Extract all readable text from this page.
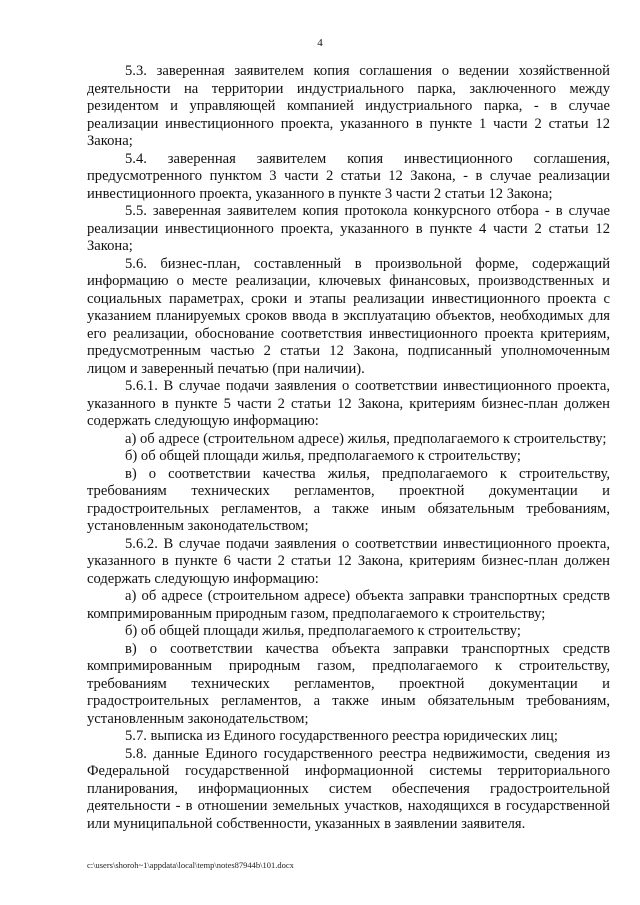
4

5.3. заверенная заявителем копия соглашения о ведении хозяйственной деятельности на территории индустриального парка, заключенного между резидентом и управляющей компанией индустриального парка, - в случае реализации инвестиционного проекта, указанного в пункте 1 части 2 статьи 12 Закона;

5.4. заверенная заявителем копия инвестиционного соглашения, предусмотренного пунктом 3 части 2 статьи 12 Закона, - в случае реализации инвестиционного проекта, указанного в пункте 3 части 2 статьи 12 Закона;

5.5. заверенная заявителем копия протокола конкурсного отбора - в случае реализации инвестиционного проекта, указанного в пункте 4 части 2 статьи 12 Закона;

5.6. бизнес-план, составленный в произвольной форме, содержащий информацию о месте реализации, ключевых финансовых, производственных и социальных параметрах, сроки и этапы реализации инвестиционного проекта с указанием планируемых сроков ввода в эксплуатацию объектов, необходимых для его реализации, обоснование соответствия инвестиционного проекта критериям, предусмотренным частью 2 статьи 12 Закона, подписанный уполномоченным лицом и заверенный печатью (при наличии).

5.6.1. В случае подачи заявления о соответствии инвестиционного проекта, указанного в пункте 5 части 2 статьи 12 Закона, критериям бизнес-план должен содержать следующую информацию:

а) об адресе (строительном адресе) жилья, предполагаемого к строительству;

б) об общей площади жилья, предполагаемого к строительству;

в) о соответствии качества жилья, предполагаемого к строительству, требованиям технических регламентов, проектной документации и градостроительных регламентов, а также иным обязательным требованиям, установленным законодательством;

5.6.2. В случае подачи заявления о соответствии инвестиционного проекта, указанного в пункте 6 части 2 статьи 12 Закона, критериям бизнес-план должен содержать следующую информацию:

а) об адресе (строительном адресе) объекта заправки транспортных средств компримированным природным газом, предполагаемого к строительству;

б) об общей площади жилья, предполагаемого к строительству;

в) о соответствии качества объекта заправки транспортных средств компримированным природным газом, предполагаемого к строительству, требованиям технических регламентов, проектной документации и градостроительных регламентов, а также иным обязательным требованиям, установленным законодательством;

5.7. выписка из Единого государственного реестра юридических лиц;

5.8. данные Единого государственного реестра недвижимости, сведения из Федеральной государственной информационной системы территориального планирования, информационных систем обеспечения градостроительной деятельности - в отношении земельных участков, находящихся в государственной или муниципальной собственности, указанных в заявлении заявителя.

c:\users\shoroh~1\appdata\local\temp\notes87944b\101.docx
